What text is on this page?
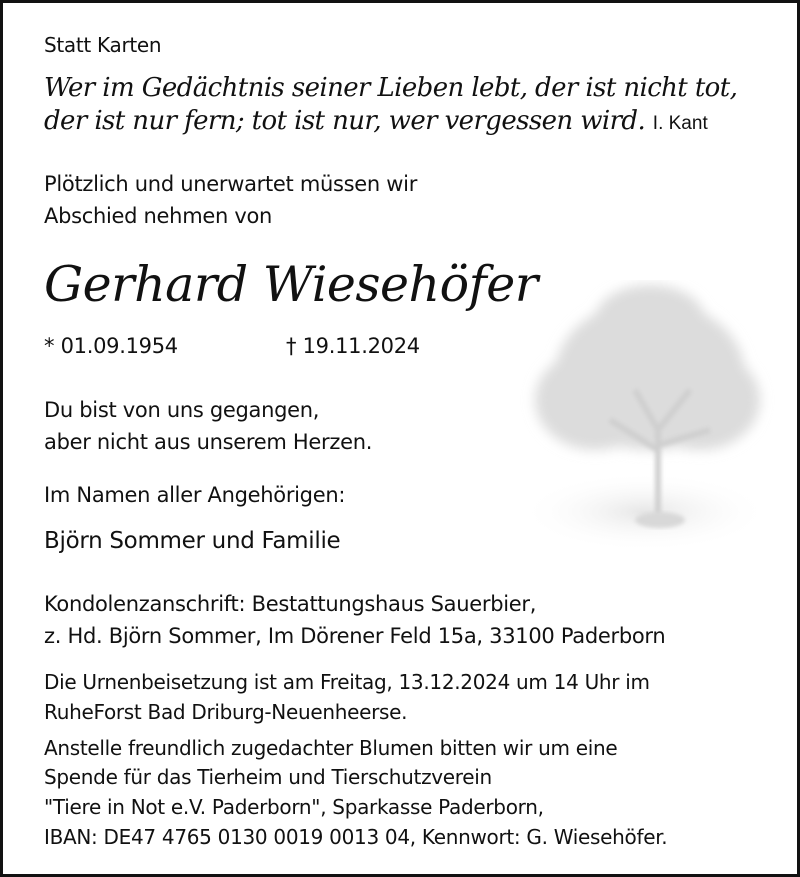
Statt Karten
Wer im Gedächtnis seiner Lieben lebt, der ist nicht tot,
der ist nur fern; tot ist nur, wer vergessen wird. I. Kant
Plötzlich und unerwartet müssen wir
Abschied nehmen von
Gerhard Wiesehöfer
* 01.09.1954	† 19.11.2024
Du bist von uns gegangen,
aber nicht aus unserem Herzen.
Im Namen aller Angehörigen:
Björn Sommer und Familie
Kondolenzanschrift: Bestattungshaus Sauerbier,
z. Hd. Björn Sommer, Im Dörener Feld 15a, 33100 Paderborn
Die Urnenbeisetzung ist am Freitag, 13.12.2024 um 14 Uhr im
RuheForst Bad Driburg-Neuenheerse.
Anstelle freundlich zugedachter Blumen bitten wir um eine
Spende für das Tierheim und Tierschutzverein
"Tiere in Not e.V. Paderborn", Sparkasse Paderborn,
IBAN: DE47 4765 0130 0019 0013 04, Kennwort: G. Wiesehöfer.
